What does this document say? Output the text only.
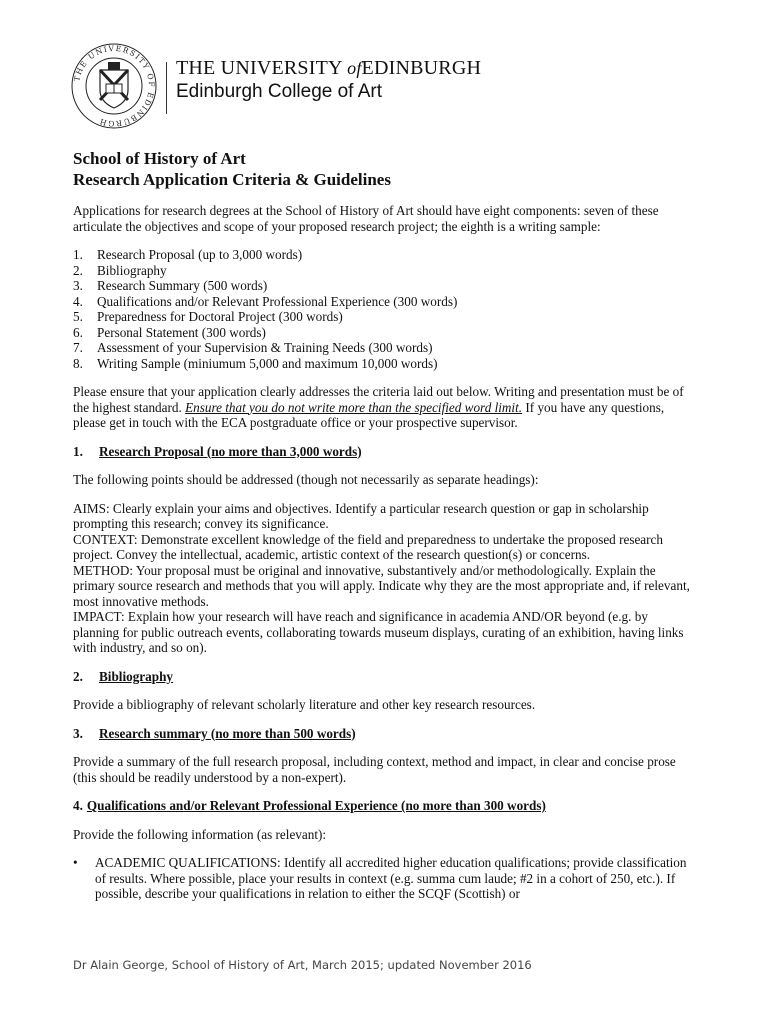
THE UNIVERSITY OF EDINBURGH
THE UNIVERSITY ofEDINBURGH
Edinburgh College of Art
School of History of Art
Research Application Criteria & Guidelines

Applications for research degrees at the School of History of Art should have eight components: seven of these articulate the objectives and scope of your proposed research project; the eighth is a writing sample:

1. Research Proposal (up to 3,000 words)
2. Bibliography
3. Research Summary (500 words)
4. Qualifications and/or Relevant Professional Experience (300 words)
5. Preparedness for Doctoral Project (300 words)
6. Personal Statement (300 words)
7. Assessment of your Supervision & Training Needs (300 words)
8. Writing Sample (miniumum 5,000 and maximum 10,000 words)

Please ensure that your application clearly addresses the criteria laid out below. Writing and presentation must be of the highest standard. Ensure that you do not write more than the specified word limit. If you have any questions, please get in touch with the ECA postgraduate office or your prospective supervisor.

1. Research Proposal (no more than 3,000 words)

The following points should be addressed (though not necessarily as separate headings):

AIMS: Clearly explain your aims and objectives. Identify a particular research question or gap in scholarship prompting this research; convey its significance.

CONTEXT: Demonstrate excellent knowledge of the field and preparedness to undertake the proposed research project. Convey the intellectual, academic, artistic context of the research question(s) or concerns.

METHOD: Your proposal must be original and innovative, substantively and/or methodologically. Explain the primary source research and methods that you will apply. Indicate why they are the most appropriate and, if relevant, most innovative methods.

IMPACT: Explain how your research will have reach and significance in academia AND/OR beyond (e.g. by planning for public outreach events, collaborating towards museum displays, curating of an exhibition, having links with industry, and so on).

2. Bibliography

Provide a bibliography of relevant scholarly literature and other key research resources.

3. Research summary (no more than 500 words)

Provide a summary of the full research proposal, including context, method and impact, in clear and concise prose (this should be readily understood by a non-expert).

4. Qualifications and/or Relevant Professional Experience (no more than 300 words)

Provide the following information (as relevant):

• ACADEMIC QUALIFICATIONS: Identify all accredited higher education qualifications; provide classification of results. Where possible, place your results in context (e.g. summa cum laude; #2 in a cohort of 250, etc.). If possible, describe your qualifications in relation to either the SCQF (Scottish) or
Dr Alain George, School of History of Art, March 2015; updated November 2016
